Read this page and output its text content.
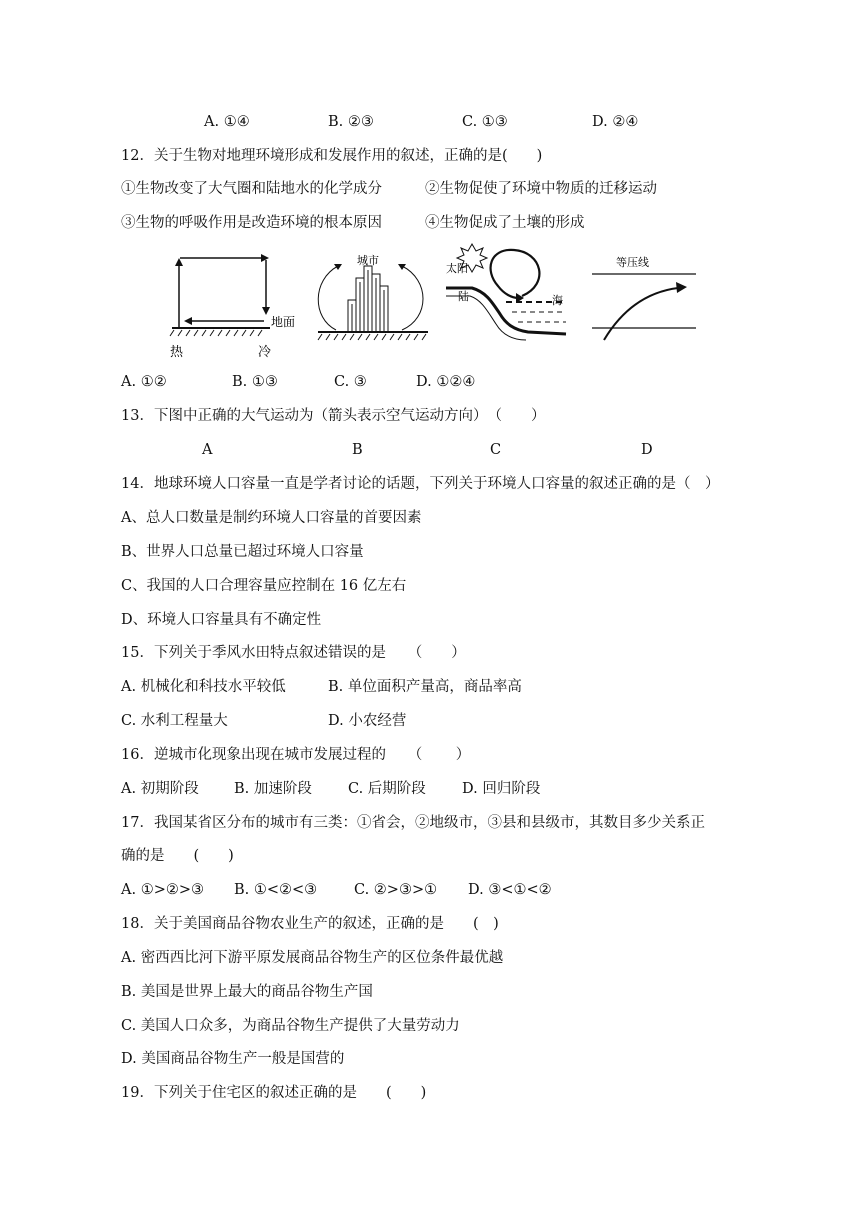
A. ①④	B. ②③	C. ①③	D. ②④
12．关于生物对地理环境形成和发展作用的叙述，正确的是(　　)
①生物改变了大气圈和陆地水的化学成分	②生物促使了环境中物质的迁移运动
③生物的呼吸作用是改造环境的根本原因	④生物促成了土壤的形成
地面
热	冷
城市
太阳
陆	海
等压线
A. ①②	B. ①③	C. ③	D. ①②④
13．下图中正确的大气运动为（箭头表示空气运动方向）　（　　）
A	B	C	D
14．地球环境人口容量一直是学者讨论的话题，下列关于环境人口容量的叙述正确的是（　）
A、总人口数量是制约环境人口容量的首要因素
B、世界人口总量已超过环境人口容量
C、我国的人口合理容量应控制在 16 亿左右
D、环境人口容量具有不确定性
15．下列关于季风水田特点叙述错误的是　　（　　）
A. 机械化和科技水平较低	B. 单位面积产量高，商品率高
C. 水利工程量大	D. 小农经营
16．逆城市化现象出现在城市发展过程的　　（　　 ）
A. 初期阶段 B. 加速阶段 C. 后期阶段 D. 回归阶段
17．我国某省区分布的城市有三类：①省会，②地级市，③县和县级市，其数目多少关系正
确的是　　(　　)
A. ①>②>③ B. ①<②<③	C. ②>③>① D. ③<①<②
18．关于美国商品谷物农业生产的叙述，正确的是　　(　)
A. 密西西比河下游平原发展商品谷物生产的区位条件最优越
B. 美国是世界上最大的商品谷物生产国
C. 美国人口众多，为商品谷物生产提供了大量劳动力
D. 美国商品谷物生产一般是国营的
19．下列关于住宅区的叙述正确的是　　(　　)
